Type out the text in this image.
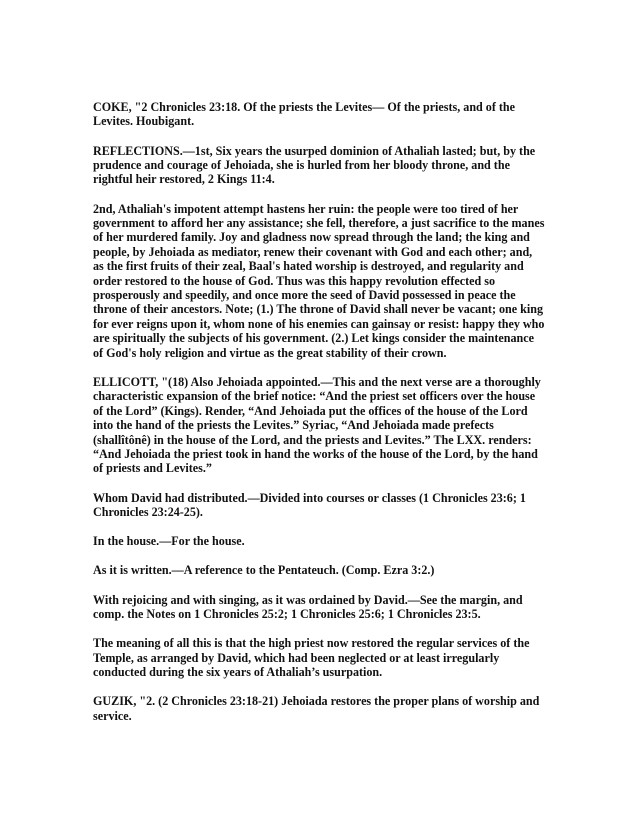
COKE, "2 Chronicles 23:18. Of the priests the Levites— Of the priests, and of the Levites. Houbigant.

REFLECTIONS.—1st, Six years the usurped dominion of Athaliah lasted; but, by the prudence and courage of Jehoiada, she is hurled from her bloody throne, and the rightful heir restored, 2 Kings 11:4.

2nd, Athaliah's impotent attempt hastens her ruin: the people were too tired of her government to afford her any assistance; she fell, therefore, a just sacrifice to the manes of her murdered family. Joy and gladness now spread through the land; the king and people, by Jehoiada as mediator, renew their covenant with God and each other; and, as the first fruits of their zeal, Baal's hated worship is destroyed, and regularity and order restored to the house of God. Thus was this happy revolution effected so prosperously and speedily, and once more the seed of David possessed in peace the throne of their ancestors. Note; (1.) The throne of David shall never be vacant; one king for ever reigns upon it, whom none of his enemies can gainsay or resist: happy they who are spiritually the subjects of his government. (2.) Let kings consider the maintenance of God's holy religion and virtue as the great stability of their crown.

ELLICOTT, "(18) Also Jehoiada appointed.—This and the next verse are a thoroughly characteristic expansion of the brief notice: “And the priest set officers over the house of the Lord” (Kings). Render, “And Jehoiada put the offices of the house of the Lord into the hand of the priests the Levites.” Syriac, “And Jehoiada made prefects (shallîtônê) in the house of the Lord, and the priests and Levites.” The LXX. renders: “And Jehoiada the priest took in hand the works of the house of the Lord, by the hand of priests and Levites.”

Whom David had distributed.—Divided into courses or classes (1 Chronicles 23:6; 1 Chronicles 23:24-25).

In the house.—For the house.

As it is written.—A reference to the Pentateuch. (Comp. Ezra 3:2.)

With rejoicing and with singing, as it was ordained by David.—See the margin, and comp. the Notes on 1 Chronicles 25:2; 1 Chronicles 25:6; 1 Chronicles 23:5.

The meaning of all this is that the high priest now restored the regular services of the Temple, as arranged by David, which had been neglected or at least irregularly conducted during the six years of Athaliah’s usurpation.

GUZIK, "2. (2 Chronicles 23:18-21) Jehoiada restores the proper plans of worship and service.
